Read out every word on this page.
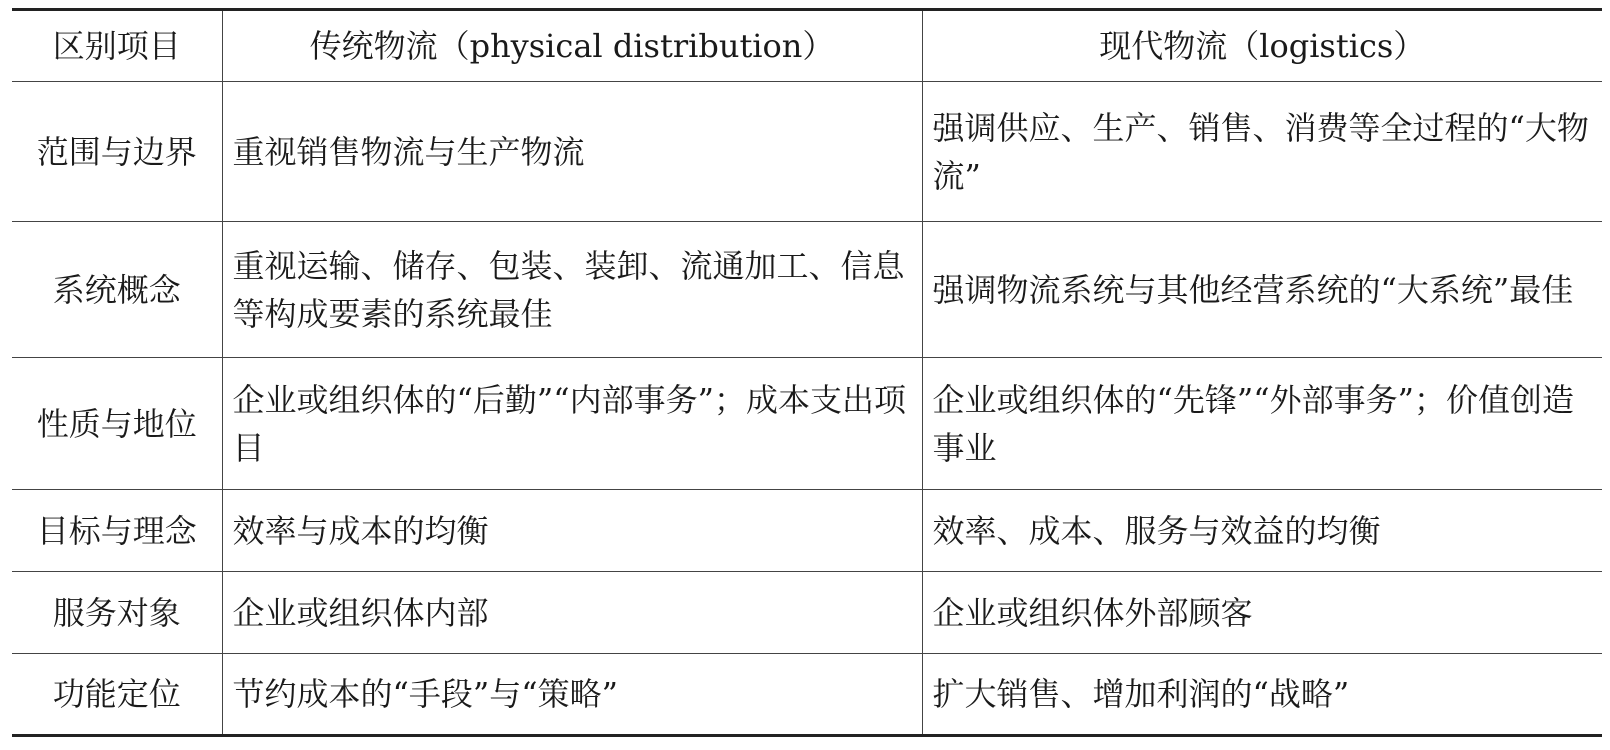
区别项目	传统物流（physical distribution）	现代物流（logistics）
范围与边界	重视销售物流与生产物流	强调供应、生产、销售、消费等全过程的“大物流”
系统概念	重视运输、储存、包装、装卸、流通加工、信息等构成要素的系统最佳	强调物流系统与其他经营系统的“大系统”最佳
性质与地位	企业或组织体的“后勤”“内部事务”；成本支出项目	企业或组织体的“先锋”“外部事务”；价值创造事业
目标与理念	效率与成本的均衡	效率、成本、服务与效益的均衡
服务对象	企业或组织体内部	企业或组织体外部顾客
功能定位	节约成本的“手段”与“策略”	扩大销售、增加利润的“战略”
